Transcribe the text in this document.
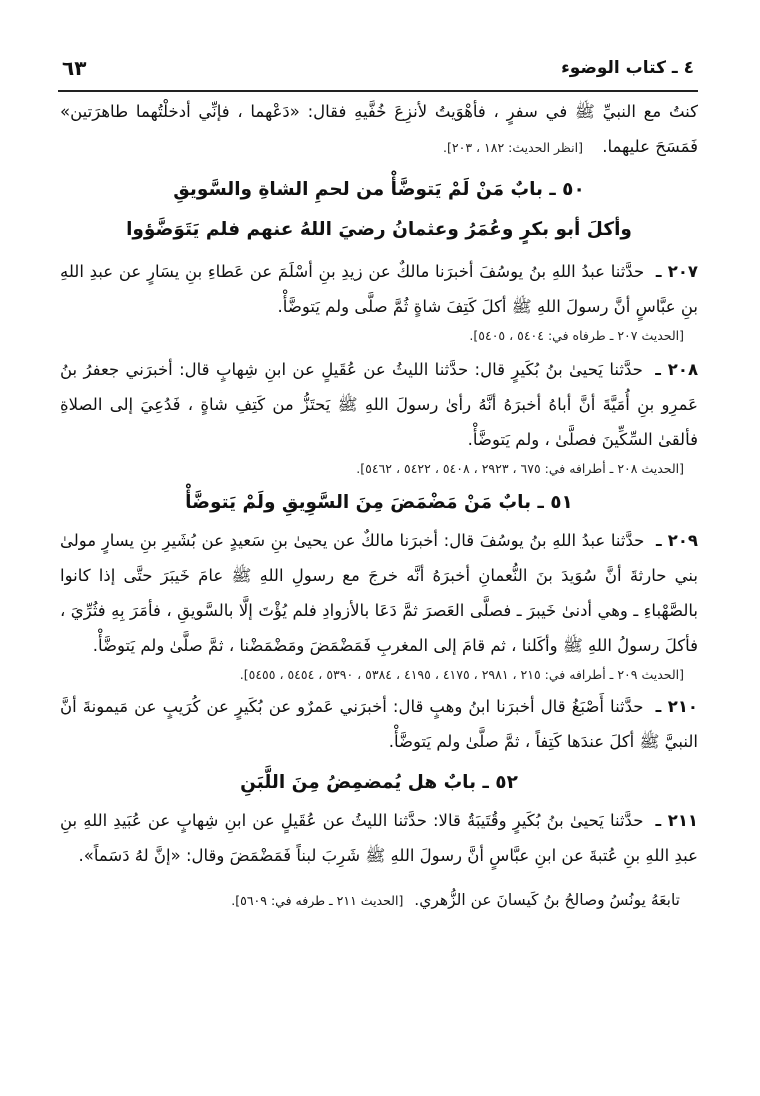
٤ ـ كتاب الوضوء
٦٣
كنتُ مع النبيِّ ﷺ في سفرٍ ، فأهْوَيتُ لأنزِعَ خُفَّيهِ فقال: «دَعْهما ، فإنِّي أدخلْتُهما طاهرَتين» فَمَسَحَ عليهما. [انظر الحديث: ١٨٢ ، ٢٠٣].
٥٠ ـ بابٌ مَنْ لَمْ يَتوضَّأْ من لحمِ الشاةِ والسَّويقِ
وأكلَ أبو بكرٍ وعُمَرُ وعثمانُ رضيَ اللهُ عنهم فلم يَتَوَضَّؤوا
٢٠٧ ـ حدَّثنا عبدُ اللهِ بنُ يوسُفَ أخبرَنا مالكٌ عن زيدِ بنِ أسْلَمَ عن عَطاءِ بنِ يسَارٍ عن عبدِ اللهِ بنِ عبَّاسٍ أنَّ رسولَ اللهِ ﷺ أكلَ كَتِفَ شاةٍ ثُمَّ صلَّى ولم يَتوضَّأْ.
[الحديث ٢٠٧ ـ طرفاه في: ٥٤٠٤ ، ٥٤٠٥].
٢٠٨ ـ حدَّثنا يَحيىٰ بنُ بُكَيرٍ قال: حدَّثنا الليثُ عن عُقَيلٍ عن ابنِ شِهابٍ قال: أخبرَني جعفرُ بنُ عَمرِو بنِ أُمَيَّةَ أنَّ أباهُ أخبرَهُ أنَّهُ رأىٰ رسولَ اللهِ ﷺ يَحتَزُّ من كَتِفِ شاةٍ ، فَدُعِيَ إلى الصلاةِ فألقىٰ السِّكِّينَ فصلَّىٰ ، ولم يَتوضَّأْ.
[الحديث ٢٠٨ ـ أطرافه في: ٦٧٥ ، ٢٩٢٣ ، ٥٤٠٨ ، ٥٤٢٢ ، ٥٤٦٢].
٥١ ـ بابٌ مَنْ مَضْمَضَ مِنَ السَّوِيقِ ولَمْ يَتوضَّأْ
٢٠٩ ـ حدَّثنا عبدُ اللهِ بنُ يوسُفَ قال: أخبرَنا مالكٌ عن يحيىٰ بنِ سَعيدٍ عن بُشَيرِ بنِ يسارٍ مولىٰ بني حارثةَ أنَّ سُوَيدَ بنَ النُّعمانِ أخبرَهُ أنَّه خرجَ مع رسولِ اللهِ ﷺ عامَ خَيبَرَ حتَّى إذا كانوا بالصَّهْباءِ ـ وهي أدنىٰ خَيبرَ ـ فصلَّى العَصرَ ثمَّ دَعَا بالأزوادِ فلم يُؤْتَ إلَّا بالسَّويقِ ، فأمَرَ بِهِ فثُرِّيَ ، فأكلَ رسولُ اللهِ ﷺ وأكَلنا ، ثم قامَ إلى المغربِ فَمَضْمَضَ ومَضْمَضْنا ، ثمَّ صلَّىٰ ولم يَتوضَّأْ.
[الحديث ٢٠٩ ـ أطرافه في: ٢١٥ ، ٢٩٨١ ، ٤١٧٥ ، ٤١٩٥ ، ٥٣٨٤ ، ٥٣٩٠ ، ٥٤٥٤ ، ٥٤٥٥].
٢١٠ ـ حدَّثنا أَصْبَغُ قال أخبرَنا ابنُ وهبٍ قال: أخبرَني عَمرٌو عن بُكَيرٍ عن كُرَيبٍ عن مَيمونةَ أنَّ النبيَّ ﷺ أكلَ عندَها كَتِفاً ، ثمَّ صلَّىٰ ولم يَتوضَّأْ.
٥٢ ـ بابٌ هل يُمضمِضُ مِنَ اللَّبَنِ
٢١١ ـ حدَّثنا يَحيىٰ بنُ بُكَيرٍ وقُتَيبَةُ قالا: حدَّثنا الليثُ عن عُقَيلٍ عن ابنِ شِهابٍ عن عُبَيدِ اللهِ بنِ عبدِ اللهِ بنِ عُتبةَ عن ابنِ عبَّاسٍ أنَّ رسولَ اللهِ ﷺ شَرِبَ لبناً فَمَضْمَضَ وقال: «إنَّ لهُ دَسَماً».
تابعَهُ يونُسُ وصالحُ بنُ كَيسانَ عن الزُّهري. [الحديث ٢١١ ـ طرفه في: ٥٦٠٩].
